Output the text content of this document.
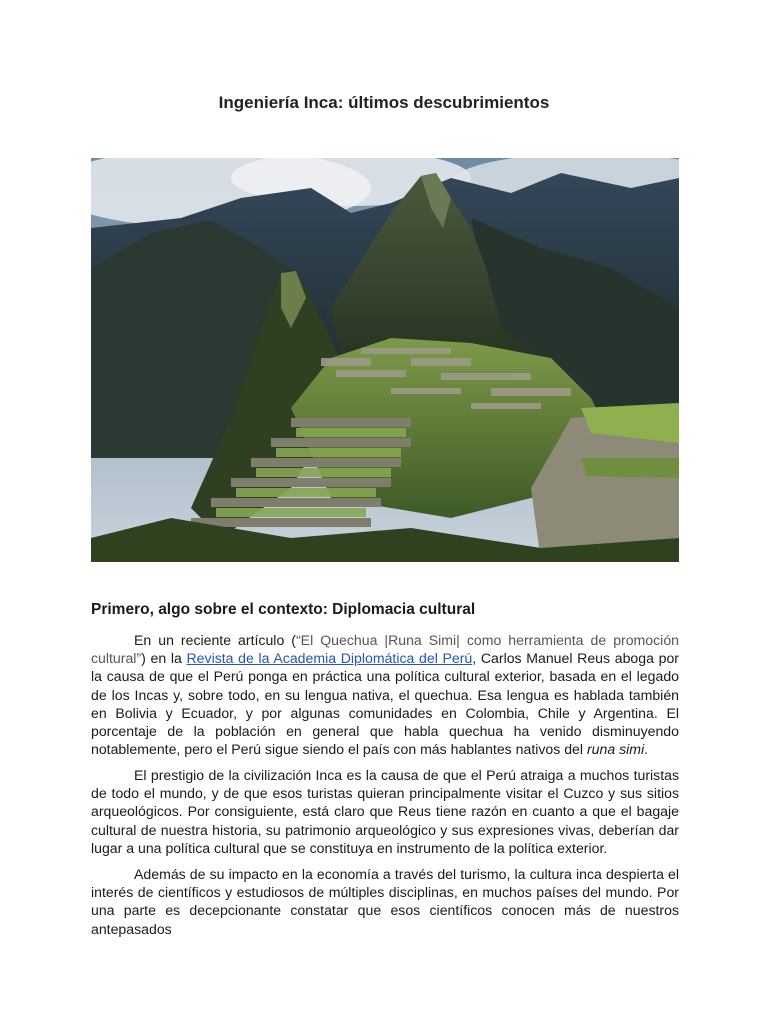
Ingeniería Inca: últimos descubrimientos
Primero, algo sobre el contexto: Diplomacia cultural

En un reciente artículo (“El Quechua |Runa Simi| como herramienta de promoción cultural”) en la Revista de la Academia Diplomática del Perú, Carlos Manuel Reus aboga por la causa de que el Perú ponga en práctica una política cultural exterior, basada en el legado de los Incas y, sobre todo, en su lengua nativa, el quechua. Esa lengua es hablada también en Bolivia y Ecuador, y por algunas comunidades en Colombia, Chile y Argentina. El porcentaje de la población en general que habla quechua ha venido disminuyendo notablemente, pero el Perú sigue siendo el país con más hablantes nativos del runa simi.

El prestigio de la civilización Inca es la causa de que el Perú atraiga a muchos turistas de todo el mundo, y de que esos turistas quieran principalmente visitar el Cuzco y sus sitios arqueológicos. Por consiguiente, está claro que Reus tiene razón en cuanto a que el bagaje cultural de nuestra historia, su patrimonio arqueológico y sus expresiones vivas, deberían dar lugar a una política cultural que se constituya en instrumento de la política exterior.

Además de su impacto en la economía a través del turismo, la cultura inca despierta el interés de científicos y estudiosos de múltiples disciplinas, en muchos países del mundo. Por una parte es decepcionante constatar que esos científicos conocen más de nuestros antepasados
